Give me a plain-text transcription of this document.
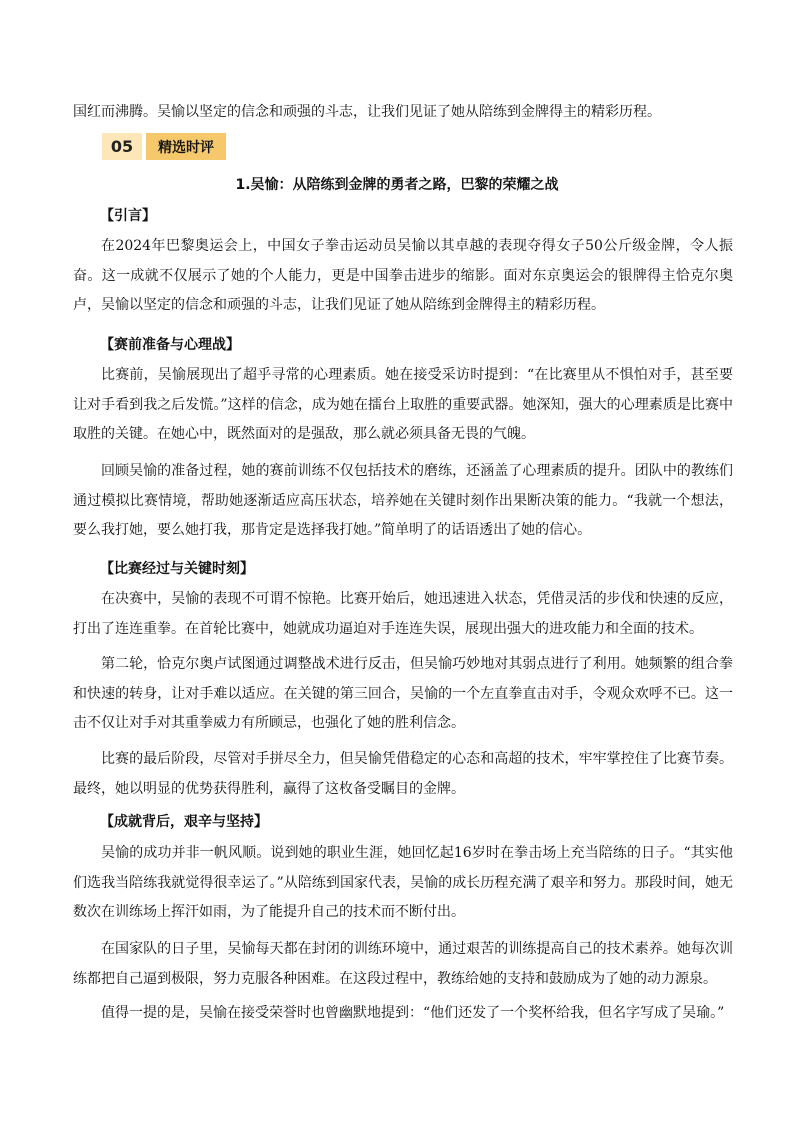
国红而沸腾。吴愉以坚定的信念和顽强的斗志，让我们见证了她从陪练到金牌得主的精彩历程。

05	精选时评

1.吴愉：从陪练到金牌的勇者之路，巴黎的荣耀之战

【引言】

在2024年巴黎奥运会上，中国女子拳击运动员吴愉以其卓越的表现夺得女子50公斤级金牌，令人振奋。这一成就不仅展示了她的个人能力，更是中国拳击进步的缩影。面对东京奥运会的银牌得主恰克尔奥卢，吴愉以坚定的信念和顽强的斗志，让我们见证了她从陪练到金牌得主的精彩历程。

【赛前准备与心理战】

比赛前，吴愉展现出了超乎寻常的心理素质。她在接受采访时提到：“在比赛里从不惧怕对手，甚至要让对手看到我之后发慌。”这样的信念，成为她在擂台上取胜的重要武器。她深知，强大的心理素质是比赛中取胜的关键。在她心中，既然面对的是强敌，那么就必须具备无畏的气魄。

回顾吴愉的准备过程，她的赛前训练不仅包括技术的磨练，还涵盖了心理素质的提升。团队中的教练们通过模拟比赛情境，帮助她逐渐适应高压状态，培养她在关键时刻作出果断决策的能力。“我就一个想法，要么我打她，要么她打我，那肯定是选择我打她。”简单明了的话语透出了她的信心。

【比赛经过与关键时刻】

在决赛中，吴愉的表现不可谓不惊艳。比赛开始后，她迅速进入状态，凭借灵活的步伐和快速的反应，打出了连连重拳。在首轮比赛中，她就成功逼迫对手连连失误，展现出强大的进攻能力和全面的技术。

第二轮，恰克尔奥卢试图通过调整战术进行反击，但吴愉巧妙地对其弱点进行了利用。她频繁的组合拳和快速的转身，让对手难以适应。在关键的第三回合，吴愉的一个左直拳直击对手，令观众欢呼不已。这一击不仅让对手对其重拳威力有所顾忌，也强化了她的胜利信念。

比赛的最后阶段，尽管对手拼尽全力，但吴愉凭借稳定的心态和高超的技术，牢牢掌控住了比赛节奏。最终，她以明显的优势获得胜利，赢得了这枚备受瞩目的金牌。

【成就背后，艰辛与坚持】

吴愉的成功并非一帆风顺。说到她的职业生涯，她回忆起16岁时在拳击场上充当陪练的日子。“其实他们选我当陪练我就觉得很幸运了。”从陪练到国家代表，吴愉的成长历程充满了艰辛和努力。那段时间，她无数次在训练场上挥汗如雨，为了能提升自己的技术而不断付出。

在国家队的日子里，吴愉每天都在封闭的训练环境中，通过艰苦的训练提高自己的技术素养。她每次训练都把自己逼到极限，努力克服各种困难。在这段过程中，教练给她的支持和鼓励成为了她的动力源泉。

值得一提的是，吴愉在接受荣誉时也曾幽默地提到：“他们还发了一个奖杯给我，但名字写成了吴瑜。”
